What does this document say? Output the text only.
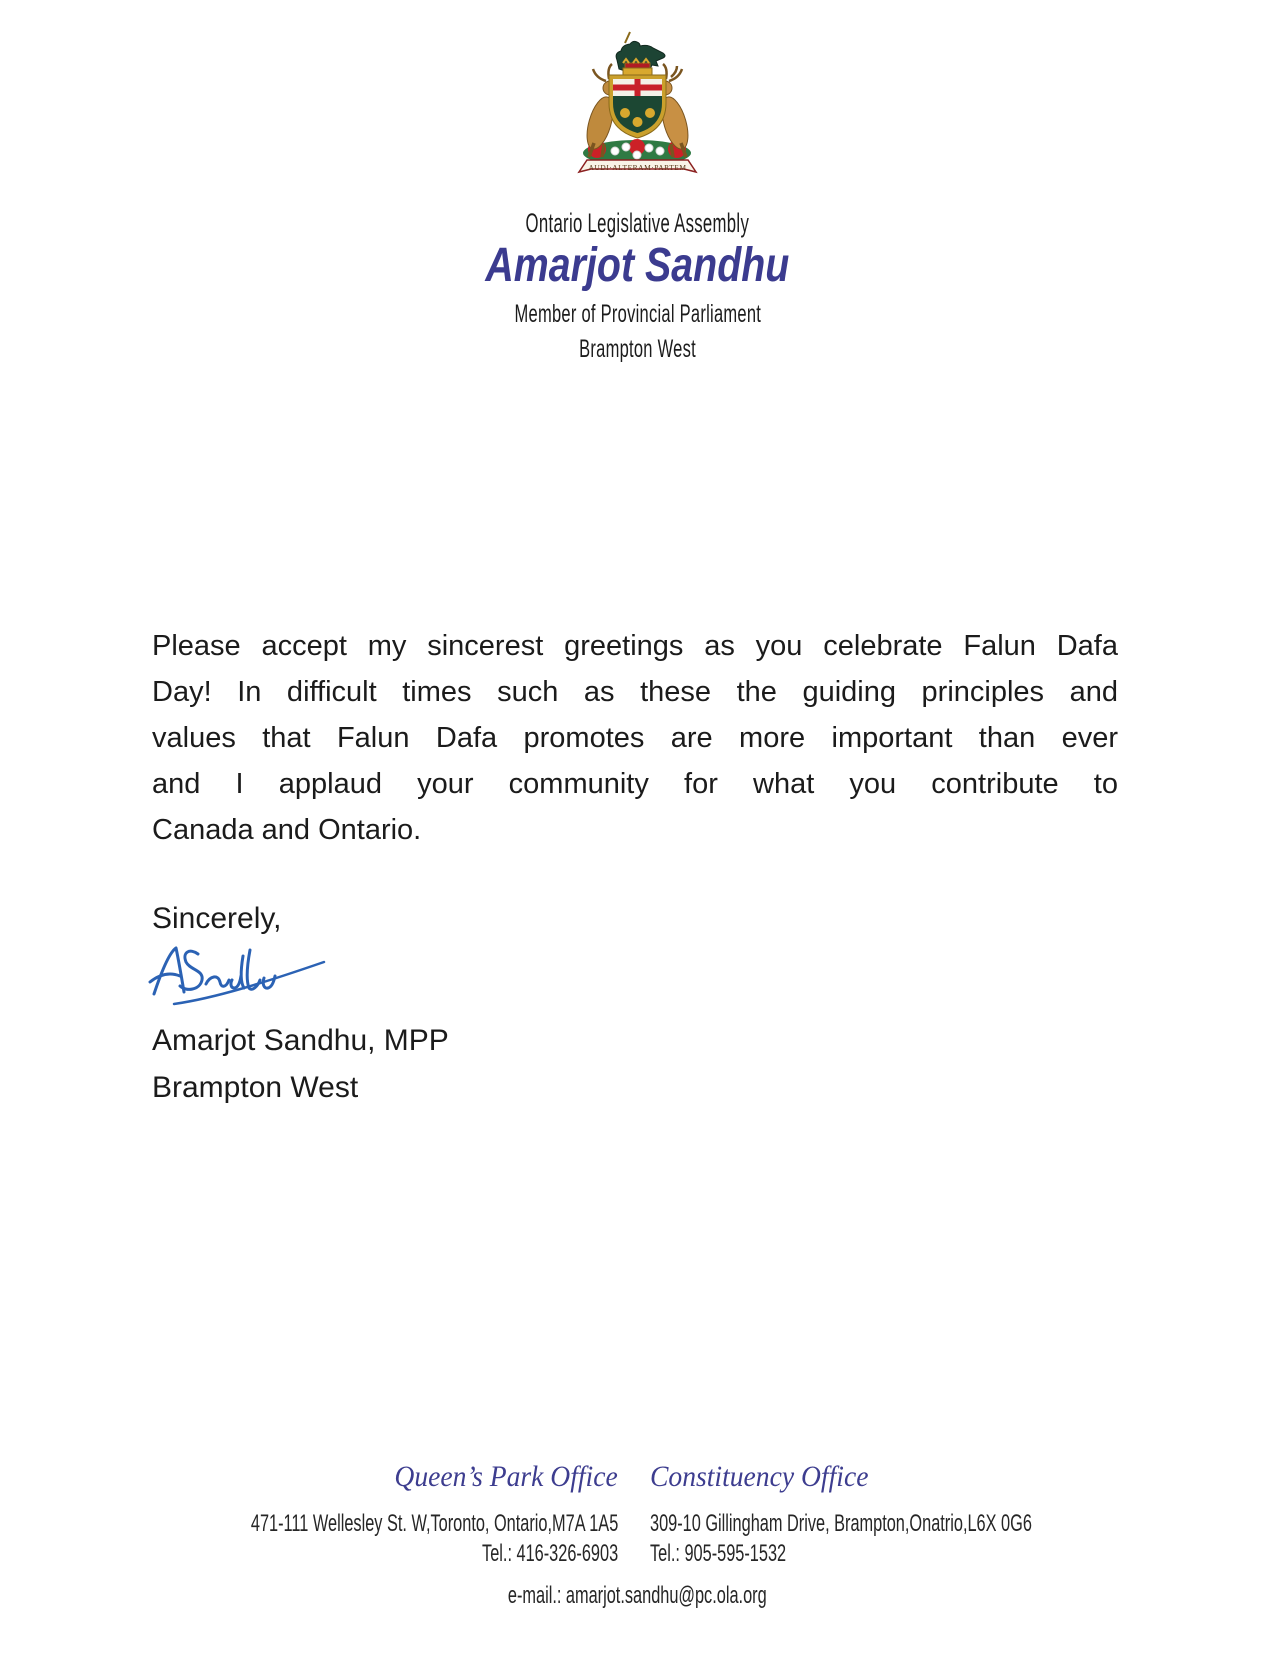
AUDI·ALTERAM·PARTEM
Ontario Legislative Assembly
Amarjot Sandhu
Member of Provincial Parliament
Brampton West
Please accept my sincerest greetings as you celebrate Falun Dafa
Day! In difficult times such as these the guiding principles and
values that Falun Dafa promotes are more important than ever
and I applaud your community for what you contribute to
Canada and Ontario.
Sincerely,
Amarjot Sandhu, MPP
Brampton West
Queen’s Park Office Constituency Office
471-111 Wellesley St. W,Toronto, Ontario,M7A 1A5 309-10 Gillingham Drive, Brampton,Onatrio,L6X 0G6
Tel.: 416-326-6903 Tel.: 905-595-1532
e-mail.: amarjot.sandhu@pc.ola.org
